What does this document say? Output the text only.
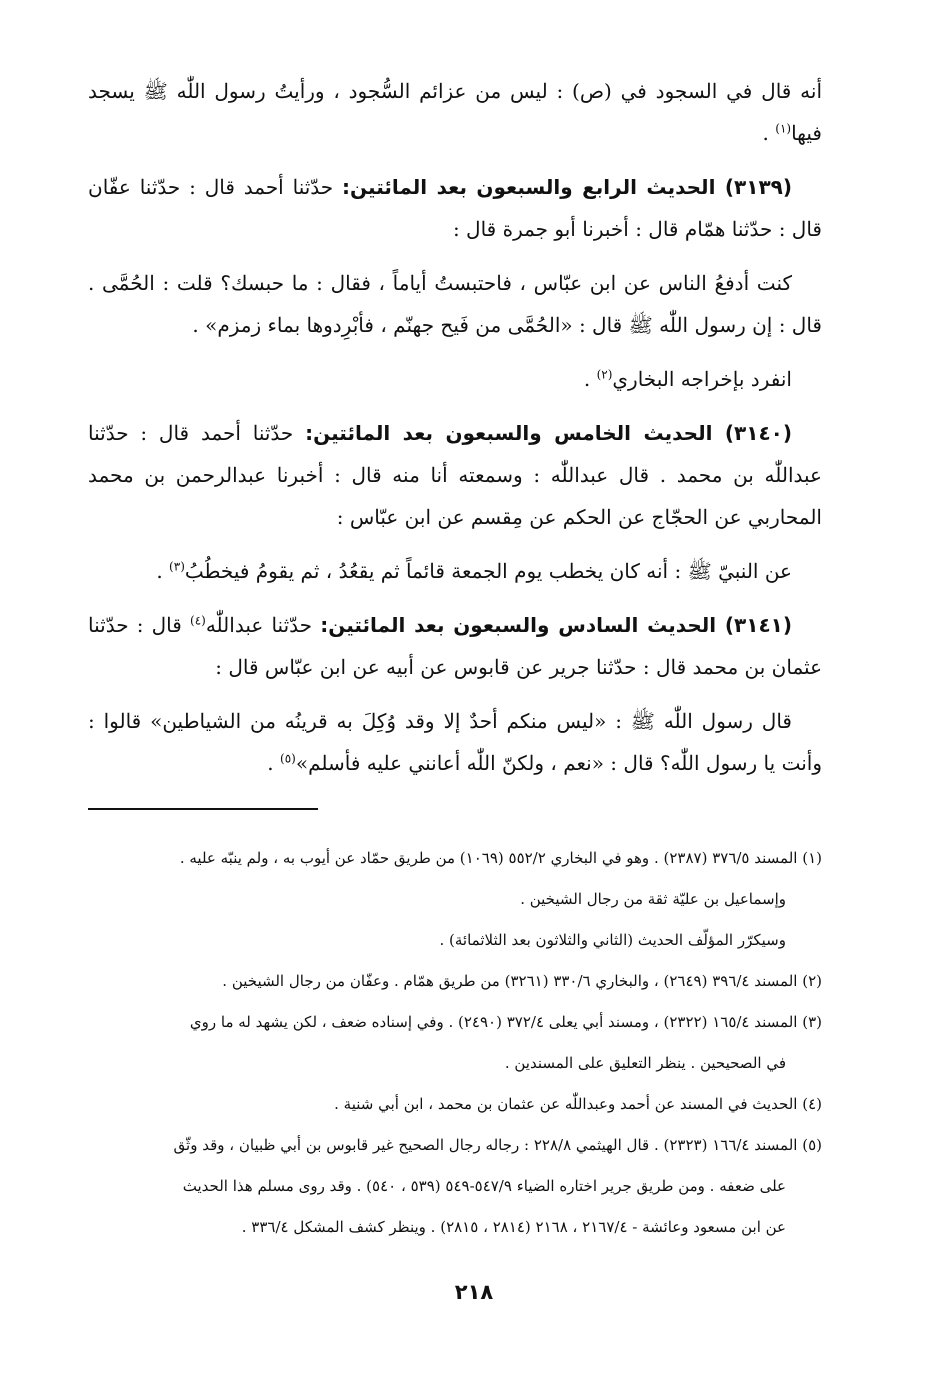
أنه قال في السجود في (ص) : ليس من عزائم السُّجود ، ورأيتُ رسول اللّٰه ﷺ يسجد فيها$^{(١)}$ .

(٣١٣٩) الحديث الرابع والسبعون بعد المائتين: حدّثنا أحمد قال : حدّثنا عفّان قال : حدّثنا همّام قال : أخبرنا أبو جمرة قال :

كنت أدفعُ الناس عن ابن عبّاس ، فاحتبستُ أياماً ، فقال : ما حبسك؟ قلت : الحُمَّى . قال : إن رسول اللّٰه ﷺ قال : «الحُمَّى من فَيح جهنّم ، فأبْرِدوها بماء زمزم» .

انفرد بإخراجه البخاري$^{(٢)}$ .

(٣١٤٠) الحديث الخامس والسبعون بعد المائتين: حدّثنا أحمد قال : حدّثنا عبداللّٰه بن محمد . قال عبداللّٰه : وسمعته أنا منه قال : أخبرنا عبدالرحمن بن محمد المحاربي عن الحجّاج عن الحكم عن مِقسم عن ابن عبّاس :

عن النبيّ ﷺ : أنه كان يخطب يوم الجمعة قائماً ثم يقعُدُ ، ثم يقومُ فيخطُبُ$^{(٣)}$ .

(٣١٤١) الحديث السادس والسبعون بعد المائتين: حدّثنا عبداللّٰه$^{(٤)}$ قال : حدّثنا عثمان بن محمد قال : حدّثنا جرير عن قابوس عن أبيه عن ابن عبّاس قال :

قال رسول اللّٰه ﷺ : «ليس منكم أحدٌ إلا وقد وُكِلَ به قرينُه من الشياطين» قالوا : وأنت يا رسول اللّٰه؟ قال : «نعم ، ولكنّ اللّٰه أعانني عليه فأسلم»$^{(٥)}$ .

(١) المسند ٣٧٦/٥ (٢٣٨٧) . وهو في البخاري ٥٥٢/٢ (١٠٦٩) من طريق حمّاد عن أيوب به ، ولم ينبّه عليه .

وإسماعيل بن عليّة ثقة من رجال الشيخين .

وسيكرّر المؤلّف الحديث (الثاني والثلاثون بعد الثلاثمائة) .

(٢) المسند ٣٩٦/٤ (٢٦٤٩) ، والبخاري ٣٣٠/٦ (٣٢٦١) من طريق همّام . وعفّان من رجال الشيخين .

(٣) المسند ١٦٥/٤ (٢٣٢٢) ، ومسند أبي يعلى ٣٧٢/٤ (٢٤٩٠) . وفي إسناده ضعف ، لكن يشهد له ما روي

في الصحيحين . ينظر التعليق على المسندين .

(٤) الحديث في المسند عن أحمد وعبداللّٰه عن عثمان بن محمد ، ابن أبي شنية .

(٥) المسند ١٦٦/٤ (٢٣٢٣) . قال الهيثمي ٢٢٨/٨ : رجاله رجال الصحيح غير قابوس بن أبي ظبيان ، وقد وثّق

على ضعفه . ومن طريق جرير اختاره الضياء ٥٤٧/٩-٥٤٩ (٥٣٩ ، ٥٤٠) . وقد روى مسلم هذا الحديث

عن ابن مسعود وعائشة - ٢١٦٧/٤ ، ٢١٦٨ (٢٨١٤ ، ٢٨١٥) . وينظر كشف المشكل ٣٣٦/٤ .

٢١٨
